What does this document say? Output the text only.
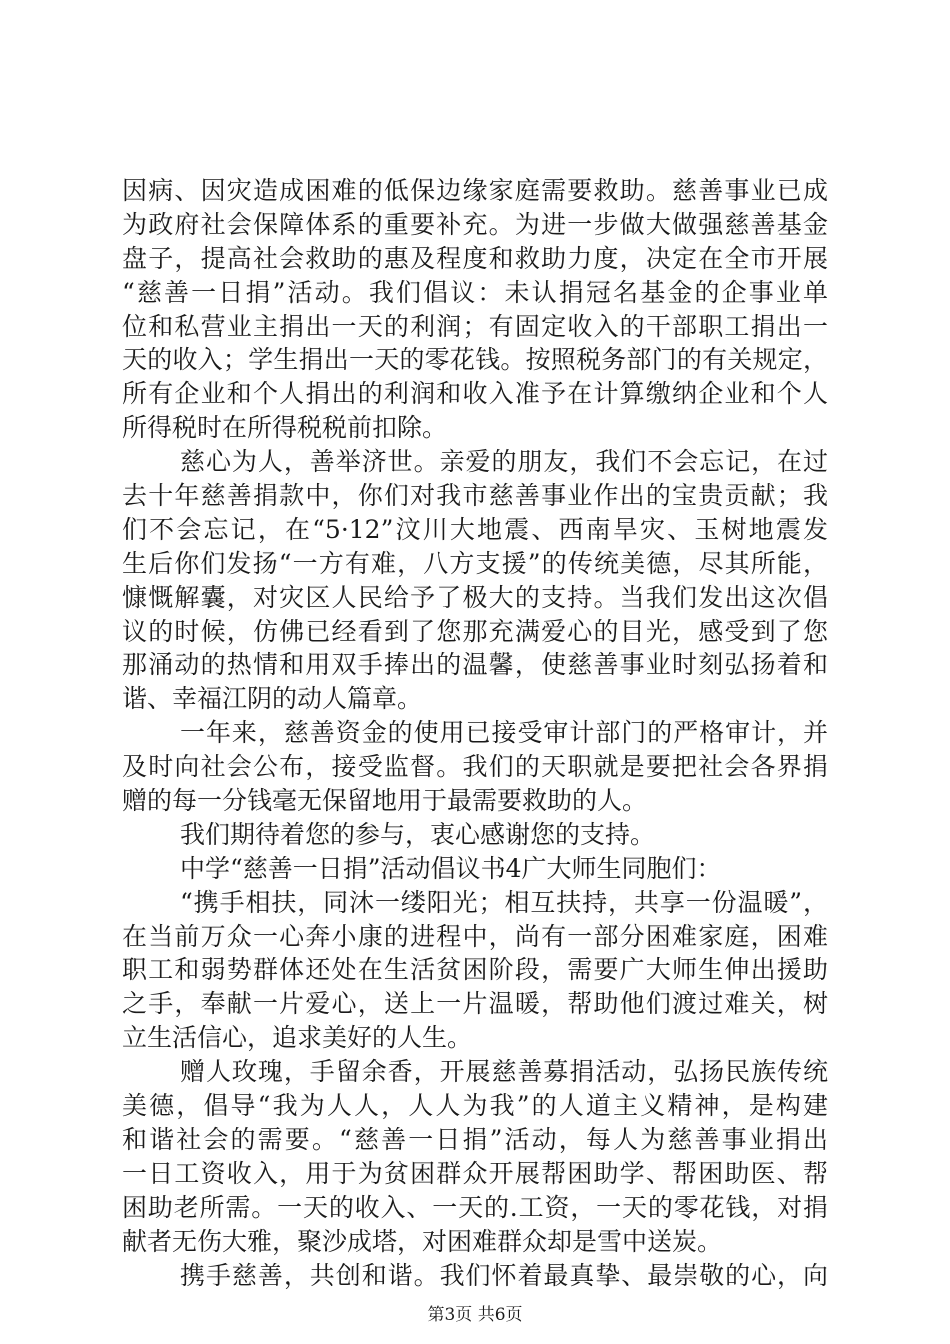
因病、因灾造成困难的低保边缘家庭需要救助。慈善事业已成
为政府社会保障体系的重要补充。为进一步做大做强慈善基金
盘子，提高社会救助的惠及程度和救助力度，决定在全市开展
“慈善一日捐”活动。我们倡议：未认捐冠名基金的企事业单
位和私营业主捐出一天的利润；有固定收入的干部职工捐出一
天的收入；学生捐出一天的零花钱。按照税务部门的有关规定，
所有企业和个人捐出的利润和收入准予在计算缴纳企业和个人
所得税时在所得税税前扣除。
慈心为人，善举济世。亲爱的朋友，我们不会忘记，在过
去十年慈善捐款中，你们对我市慈善事业作出的宝贵贡献；我
们不会忘记，在“5·12”汶川大地震、西南旱灾、玉树地震发
生后你们发扬“一方有难，八方支援”的传统美德，尽其所能，
慷慨解囊，对灾区人民给予了极大的支持。当我们发出这次倡
议的时候，仿佛已经看到了您那充满爱心的目光，感受到了您
那涌动的热情和用双手捧出的温馨，使慈善事业时刻弘扬着和
谐、幸福江阴的动人篇章。
一年来，慈善资金的使用已接受审计部门的严格审计，并
及时向社会公布，接受监督。我们的天职就是要把社会各界捐
赠的每一分钱毫无保留地用于最需要救助的人。
我们期待着您的参与，衷心感谢您的支持。
中学“慈善一日捐”活动倡议书4广大师生同胞们：
“携手相扶，同沐一缕阳光；相互扶持，共享一份温暖”，
在当前万众一心奔小康的进程中，尚有一部分困难家庭，困难
职工和弱势群体还处在生活贫困阶段，需要广大师生伸出援助
之手，奉献一片爱心，送上一片温暖，帮助他们渡过难关，树
立生活信心，追求美好的人生。
赠人玫瑰，手留余香，开展慈善募捐活动，弘扬民族传统
美德，倡导“我为人人，人人为我”的人道主义精神，是构建
和谐社会的需要。“慈善一日捐”活动，每人为慈善事业捐出
一日工资收入，用于为贫困群众开展帮困助学、帮困助医、帮
困助老所需。一天的收入、一天的.工资，一天的零花钱，对捐
献者无伤大雅，聚沙成塔，对困难群众却是雪中送炭。
携手慈善，共创和谐。我们怀着最真挚、最崇敬的心，向
第3页 共6页
